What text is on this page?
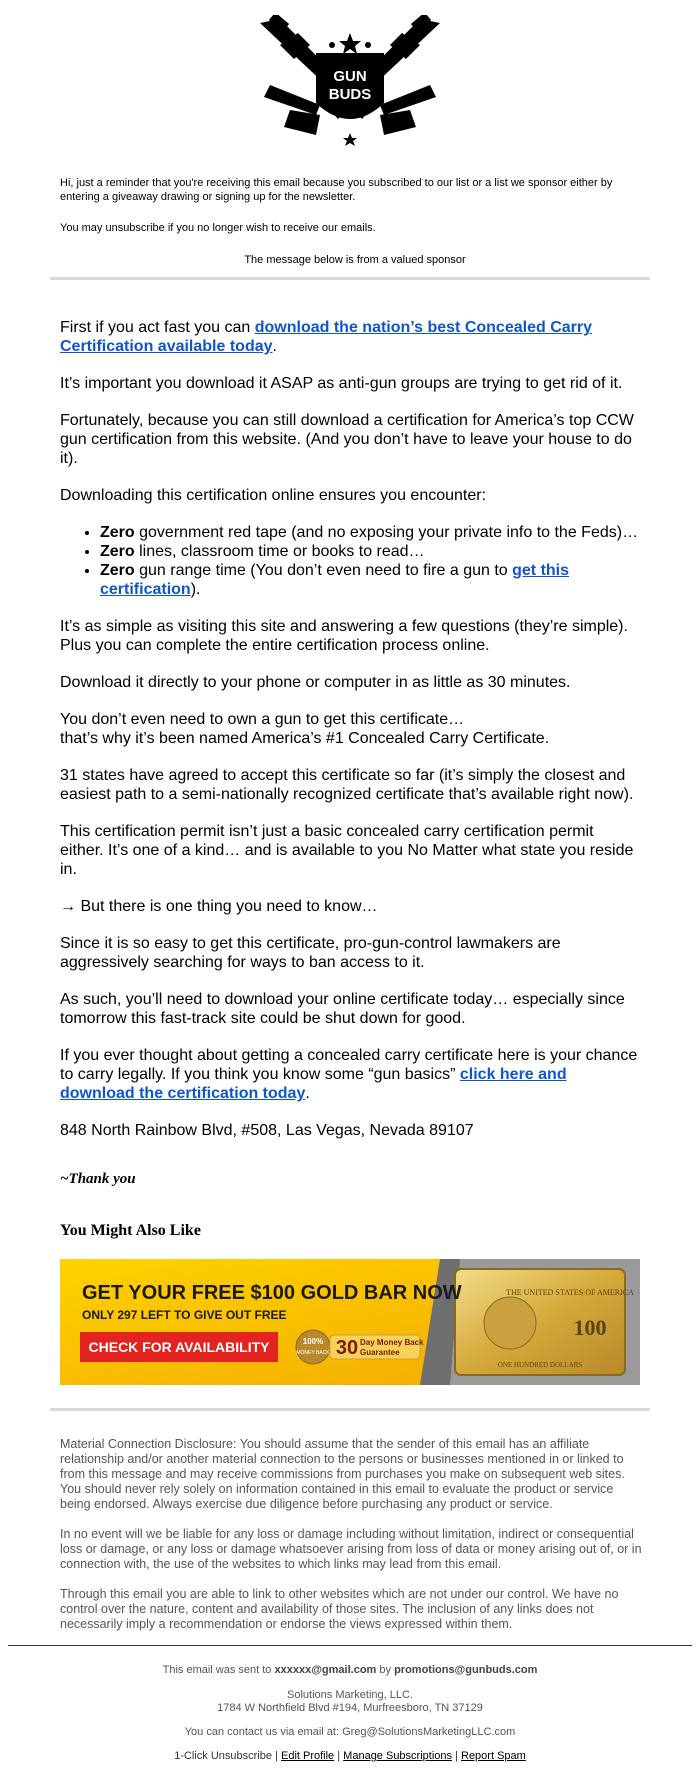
GUN
BUDS
Hi, just a reminder that you're receiving this email because you subscribed to our list or a list we sponsor either by entering a giveaway drawing or signing up for the newsletter.
You may unsubscribe if you no longer wish to receive our emails.
The message below is from a valued sponsor

First if you act fast you can download the nation’s best Concealed Carry Certification available today.

It’s important you download it ASAP as anti-gun groups are trying to get rid of it.

Fortunately, because you can still download a certification for America’s top CCW gun certification from this website. (And you don’t have to leave your house to do it).

Downloading this certification online ensures you encounter:

• Zero government red tape (and no exposing your private info to the Feds)…
• Zero lines, classroom time or books to read…
• Zero gun range time (You don’t even need to fire a gun to get this certification).

It’s as simple as visiting this site and answering a few questions (they’re simple). Plus you can complete the entire certification process online.

Download it directly to your phone or computer in as little as 30 minutes.

You don’t even need to own a gun to get this certificate…
that’s why it’s been named America’s #1 Concealed Carry Certificate.

31 states have agreed to accept this certificate so far (it’s simply the closest and easiest path to a semi-nationally recognized certificate that’s available right now).

This certification permit isn’t just a basic concealed carry certification permit either. It’s one of a kind… and is available to you No Matter what state you reside in.

→ But there is one thing you need to know…

Since it is so easy to get this certificate, pro-gun-control lawmakers are aggressively searching for ways to ban access to it.

As such, you’ll need to download your online certificate today… especially since tomorrow this fast-track site could be shut down for good.

If you ever thought about getting a concealed carry certificate here is your chance to carry legally. If you think you know some “gun basics” click here and download the certification today.

848 North Rainbow Blvd, #508, Las Vegas, Nevada 89107

~Thank you

You Might Also Like
THE UNITED STATES OF AMERICA
100
ONE HUNDRED DOLLARS
GET YOUR FREE $100 GOLD BAR NOW
ONLY 297 LEFT TO GIVE OUT FREE
CHECK FOR AVAILABILITY	100%
MONEY BACK 30 Day Money Back
Guarantee

Material Connection Disclosure: You should assume that the sender of this email has an affiliate relationship and/or another material connection to the persons or businesses mentioned in or linked to from this message and may receive commissions from purchases you make on subsequent web sites. You should never rely solely on information contained in this email to evaluate the product or service being endorsed. Always exercise due diligence before purchasing any product or service.

In no event will we be liable for any loss or damage including without limitation, indirect or consequential loss or damage, or any loss or damage whatsoever arising from loss of data or money arising out of, or in connection with, the use of the websites to which links may lead from this email.

Through this email you are able to link to other websites which are not under our control. We have no control over the nature, content and availability of those sites. The inclusion of any links does not necessarily imply a recommendation or endorse the views expressed within them.

This email was sent to xxxxxx@gmail.com by promotions@gunbuds.com
Solutions Marketing, LLC.
1784 W Northfield Blvd #194, Murfreesboro, TN 37129
You can contact us via email at: Greg@SolutionsMarketingLLC.com
1-Click Unsubscribe | Edit Profile | Manage Subscriptions | Report Spam
